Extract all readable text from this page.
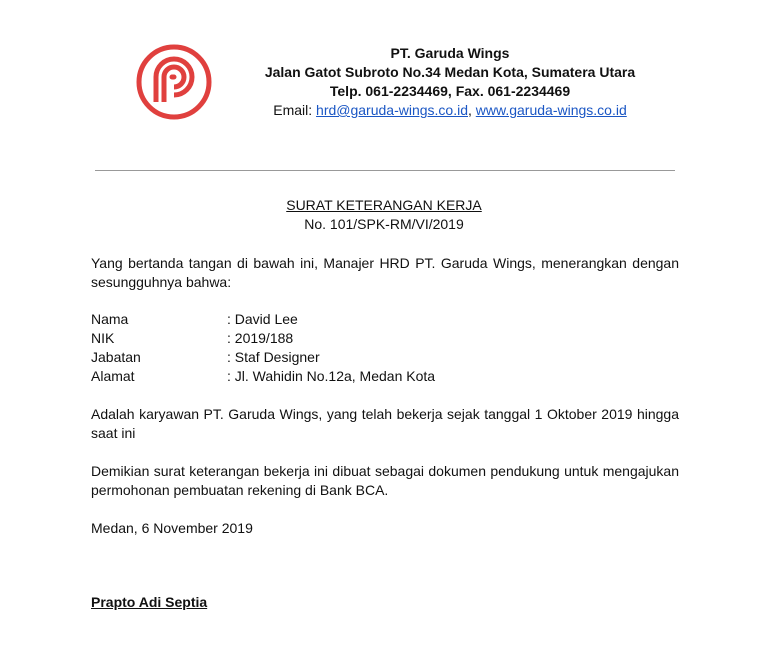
PT. Garuda Wings
Jalan Gatot Subroto No.34 Medan Kota, Sumatera Utara
Telp. 061-2234469, Fax. 061-2234469
Email: hrd@garuda-wings.co.id, www.garuda-wings.co.id
SURAT KETERANGAN KERJA
No. 101/SPK-RM/VI/2019
Yang bertanda tangan di bawah ini, Manajer HRD PT. Garuda Wings, menerangkan dengan
sesungguhnya bahwa:
Nama	: David Lee
NIK	: 2019/188
Jabatan	: Staf Designer
Alamat	: Jl. Wahidin No.12a, Medan Kota
Adalah karyawan PT. Garuda Wings, yang telah bekerja sejak tanggal 1 Oktober 2019 hingga
saat ini
Demikian surat keterangan bekerja ini dibuat sebagai dokumen pendukung untuk mengajukan
permohonan pembuatan rekening di Bank BCA.
Medan, 6 November 2019
Prapto Adi Septia
